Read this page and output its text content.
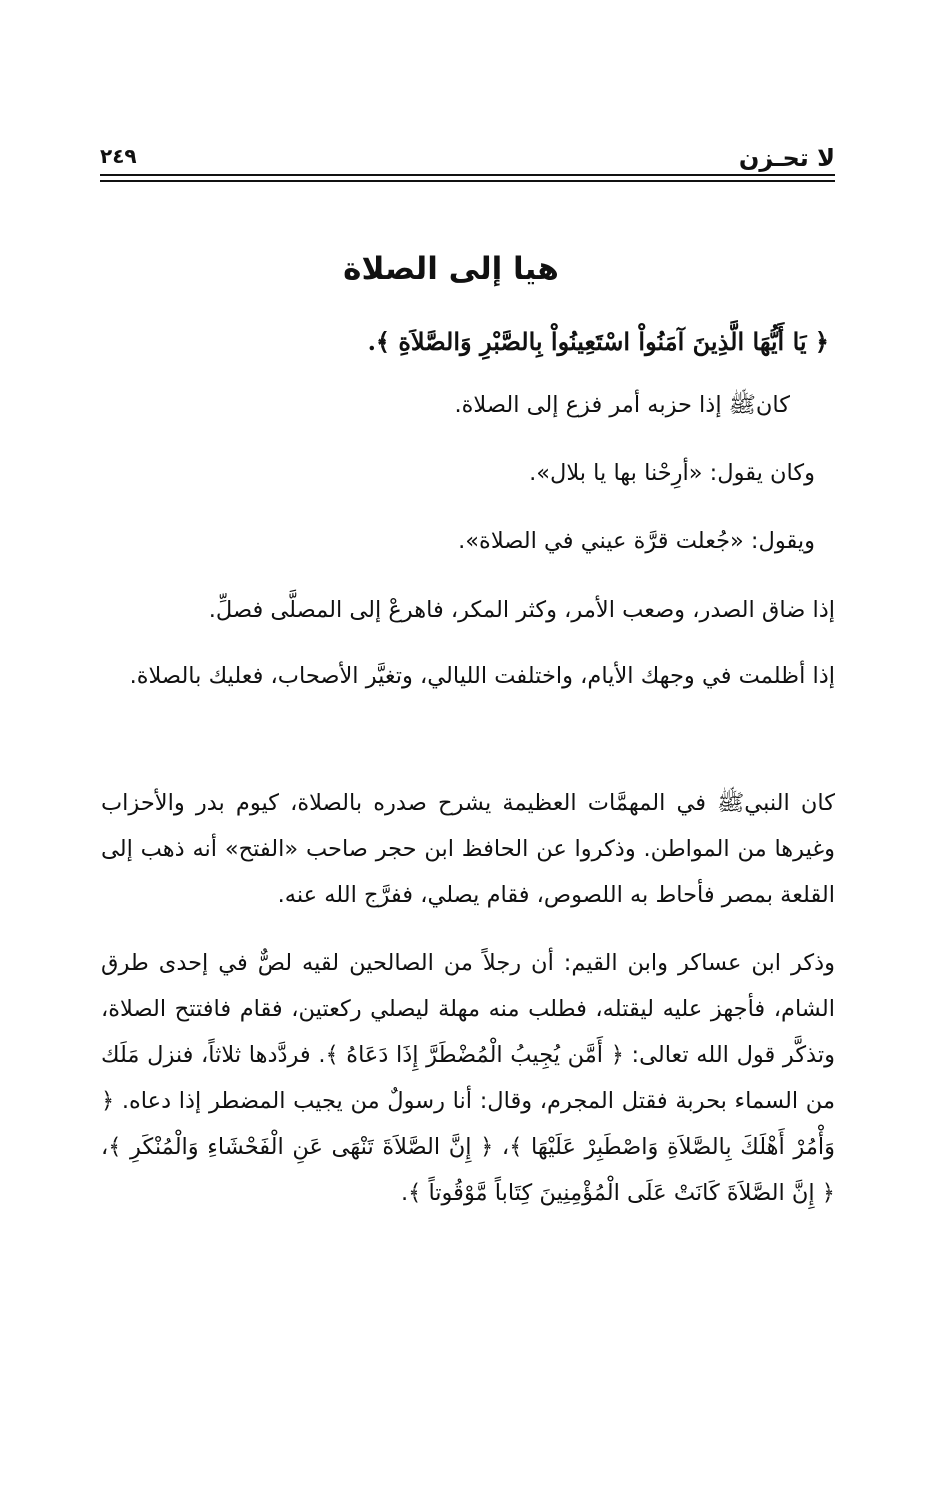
لا تحـزن
٢٤٩
هيا إلى الصلاة

﴿ يَا أَيُّهَا الَّذِينَ آمَنُواْ اسْتَعِينُواْ بِالصَّبْرِ وَالصَّلاَةِ ﴾.

كانﷺ إذا حزبه أمر فزع إلى الصلاة.

وكان يقول: «أرِحْنا بها يا بلال».

ويقول: «جُعلت قرَّة عيني في الصلاة».

إذا ضاق الصدر، وصعب الأمر، وكثر المكر، فاهرعْ إلى المصلَّى فصلِّ.

إذا أظلمت في وجهك الأيام، واختلفت الليالي، وتغيَّر الأصحاب، فعليك بالصلاة.

كان النبيﷺ في المهمَّات العظيمة يشرح صدره بالصلاة، كيوم بدر والأحزاب وغيرها من المواطن. وذكروا عن الحافظ ابن حجر صاحب «الفتح» أنه ذهب إلى القلعة بمصر فأحاط به اللصوص، فقام يصلي، ففرَّج الله عنه.

وذكر ابن عساكر وابن القيم: أن رجلاً من الصالحين لقيه لصٌّ في إحدى طرق الشام، فأجهز عليه ليقتله، فطلب منه مهلة ليصلي ركعتين، فقام فافتتح الصلاة، وتذكَّر قول الله تعالى: ﴿ أَمَّن يُجِيبُ الْمُضْطَرَّ إِذَا دَعَاهُ ﴾. فردَّدها ثلاثاً، فنزل مَلَك من السماء بحربة فقتل المجرم، وقال: أنا رسولٌ من يجيب المضطر إذا دعاه. ﴿ وَأْمُرْ أَهْلَكَ بِالصَّلاَةِ وَاصْطَبِرْ عَلَيْهَا ﴾، ﴿ إِنَّ الصَّلاَةَ تَنْهَى عَنِ الْفَحْشَاءِ وَالْمُنْكَرِ ﴾، ﴿ إِنَّ الصَّلاَةَ كَانَتْ عَلَى الْمُؤْمِنِينَ كِتَاباً مَّوْقُوتاً ﴾.
